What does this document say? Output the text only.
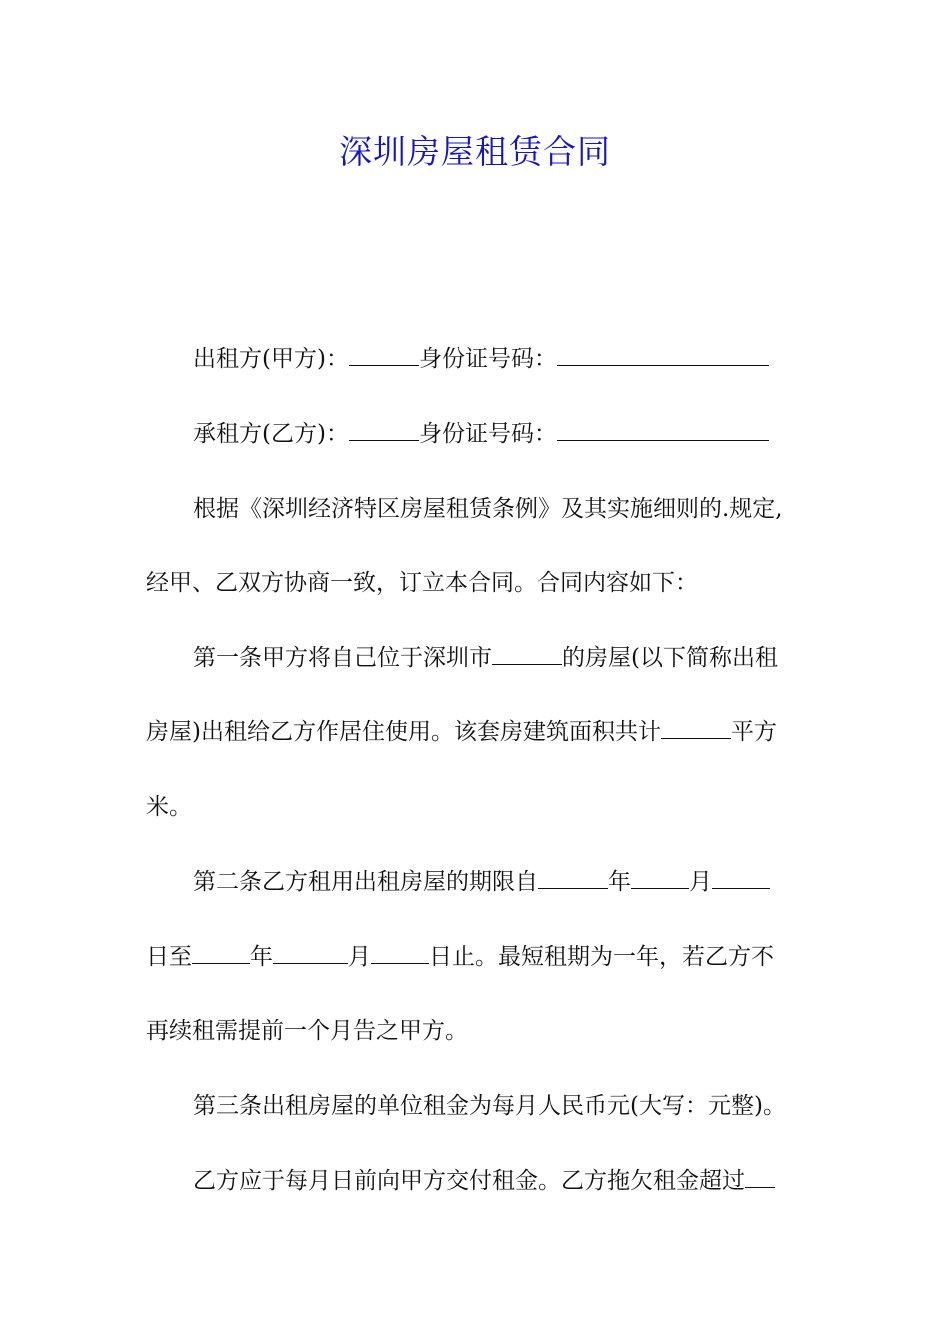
深圳房屋租赁合同

出租方(甲方)：	身份证号码：

承租方(乙方)：	身份证号码：

根据《深圳经济特区房屋租赁条例》及其实施细则的.规定,

经甲、乙双方协商一致，订立本合同。合同内容如下：

第一条甲方将自己位于深圳市	的房屋(以下简称出租

房屋)出租给乙方作居住使用。该套房建筑面积共计	平方

米。

第二条乙方租用出租房屋的期限自	年	月

日至	年	月	日止。最短租期为一年，若乙方不

再续租需提前一个月告之甲方。

第三条出租房屋的单位租金为每月人民币元(大写：元整)。

乙方应于每月日前向甲方交付租金。乙方拖欠租金超过
